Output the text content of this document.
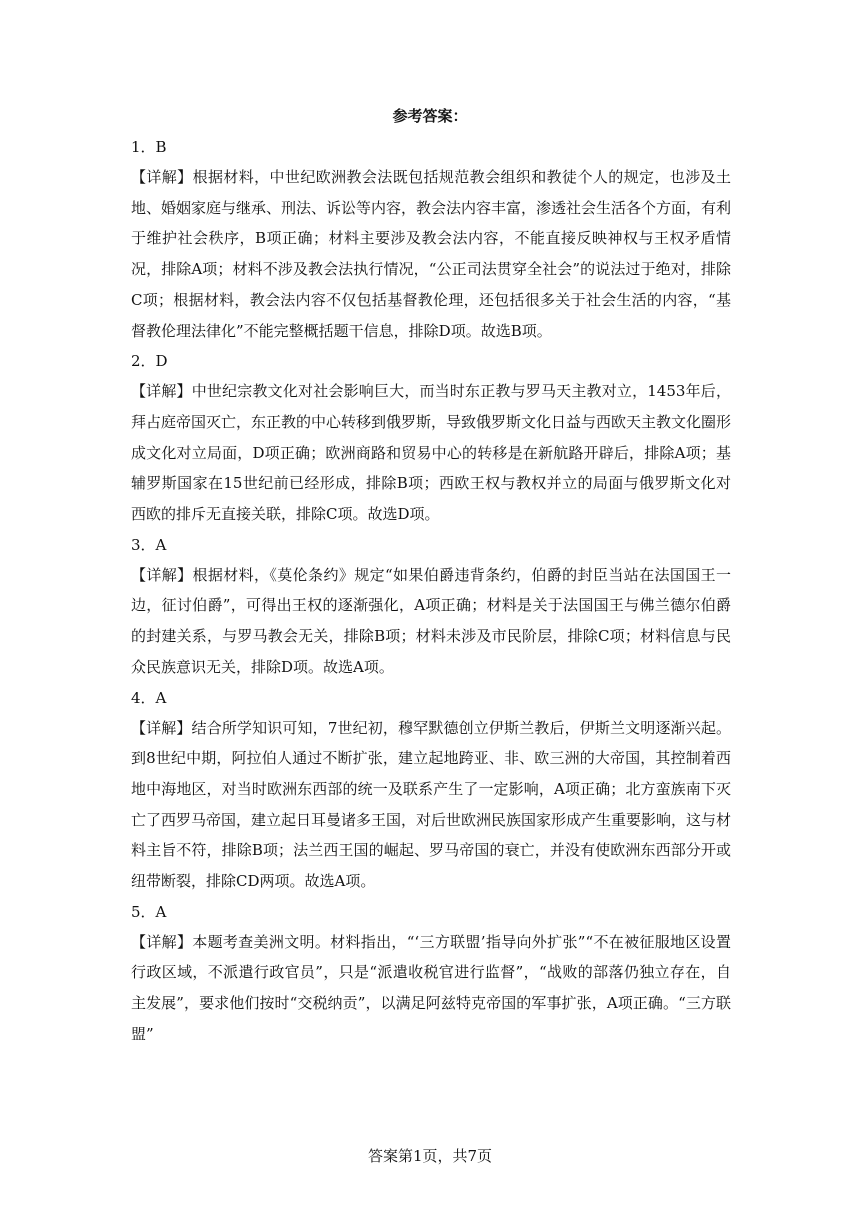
参考答案：

1．B

【详解】根据材料，中世纪欧洲教会法既包括规范教会组织和教徒个人的规定，也涉及土地、婚姻家庭与继承、刑法、诉讼等内容，教会法内容丰富，渗透社会生活各个方面，有利于维护社会秩序，B项正确；材料主要涉及教会法内容，不能直接反映神权与王权矛盾情况，排除A项；材料不涉及教会法执行情况，“公正司法贯穿全社会”的说法过于绝对，排除C项；根据材料，教会法内容不仅包括基督教伦理，还包括很多关于社会生活的内容，“基督教伦理法律化”不能完整概括题干信息，排除D项。故选B项。

2．D

【详解】中世纪宗教文化对社会影响巨大，而当时东正教与罗马天主教对立，1453年后，拜占庭帝国灭亡，东正教的中心转移到俄罗斯，导致俄罗斯文化日益与西欧天主教文化圈形成文化对立局面，D项正确；欧洲商路和贸易中心的转移是在新航路开辟后，排除A项；基辅罗斯国家在15世纪前已经形成，排除B项；西欧王权与教权并立的局面与俄罗斯文化对西欧的排斥无直接关联，排除C项。故选D项。

3．A

【详解】根据材料，《莫伦条约》规定“如果伯爵违背条约，伯爵的封臣当站在法国国王一边，征讨伯爵”，可得出王权的逐渐强化，A项正确；材料是关于法国国王与佛兰德尔伯爵的封建关系，与罗马教会无关，排除B项；材料未涉及市民阶层，排除C项；材料信息与民众民族意识无关，排除D项。故选A项。

4．A

【详解】结合所学知识可知，7世纪初，穆罕默德创立伊斯兰教后，伊斯兰文明逐渐兴起。到8世纪中期，阿拉伯人通过不断扩张，建立起地跨亚、非、欧三洲的大帝国，其控制着西地中海地区，对当时欧洲东西部的统一及联系产生了一定影响，A项正确；北方蛮族南下灭亡了西罗马帝国，建立起日耳曼诸多王国，对后世欧洲民族国家形成产生重要影响，这与材料主旨不符，排除B项；法兰西王国的崛起、罗马帝国的衰亡，并没有使欧洲东西部分开或纽带断裂，排除CD两项。故选A项。

5．A

【详解】本题考查美洲文明。材料指出，“‘三方联盟’指导向外扩张”“不在被征服地区设置行政区域，不派遣行政官员”，只是“派遣收税官进行监督”，“战败的部落仍独立存在，自主发展”，要求他们按时“交税纳贡”，以满足阿兹特克帝国的军事扩张，A项正确。“三方联盟”

答案第1页，共7页
